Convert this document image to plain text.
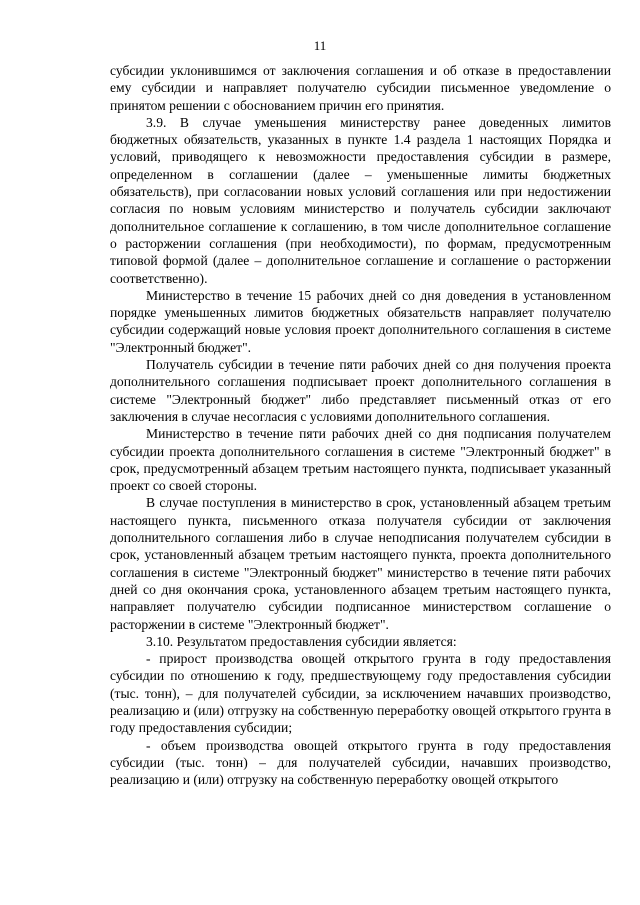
11

субсидии уклонившимся от заключения соглашения и об отказе в предоставлении ему субсидии и направляет получателю субсидии письменное уведомление о принятом решении с обоснованием причин его принятия.

3.9. В случае уменьшения министерству ранее доведенных лимитов бюджетных обязательств, указанных в пункте 1.4 раздела 1 настоящих Порядка и условий, приводящего к невозможности предоставления субсидии в размере, определенном в соглашении (далее – уменьшенные лимиты бюджетных обязательств), при согласовании новых условий соглашения или при недостижении согласия по новым условиям министерство и получатель субсидии заключают дополнительное соглашение к соглашению, в том числе дополнительное соглашение о расторжении соглашения (при необходимости), по формам, предусмотренным типовой формой (далее – дополнительное соглашение и соглашение о расторжении соответственно).

Министерство в течение 15 рабочих дней со дня доведения в установленном порядке уменьшенных лимитов бюджетных обязательств направляет получателю субсидии содержащий новые условия проект дополнительного соглашения в системе "Электронный бюджет".

Получатель субсидии в течение пяти рабочих дней со дня получения проекта дополнительного соглашения подписывает проект дополнительного соглашения в системе "Электронный бюджет" либо представляет письменный отказ от его заключения в случае несогласия с условиями дополнительного соглашения.

Министерство в течение пяти рабочих дней со дня подписания получателем субсидии проекта дополнительного соглашения в системе "Электронный бюджет" в срок, предусмотренный абзацем третьим настоящего пункта, подписывает указанный проект со своей стороны.

В случае поступления в министерство в срок, установленный абзацем третьим настоящего пункта, письменного отказа получателя субсидии от заключения дополнительного соглашения либо в случае неподписания получателем субсидии в срок, установленный абзацем третьим настоящего пункта, проекта дополнительного соглашения в системе "Электронный бюджет" министерство в течение пяти рабочих дней со дня окончания срока, установленного абзацем третьим настоящего пункта, направляет получателю субсидии подписанное министерством соглашение о расторжении в системе "Электронный бюджет".

3.10. Результатом предоставления субсидии является:

- прирост производства овощей открытого грунта в году предоставления субсидии по отношению к году, предшествующему году предоставления субсидии (тыс. тонн), – для получателей субсидии, за исключением начавших производство, реализацию и (или) отгрузку на собственную переработку овощей открытого грунта в году предоставления субсидии;

- объем производства овощей открытого грунта в году предоставления субсидии (тыс. тонн) – для получателей субсидии, начавших производство, реализацию и (или) отгрузку на собственную переработку овощей открытого
